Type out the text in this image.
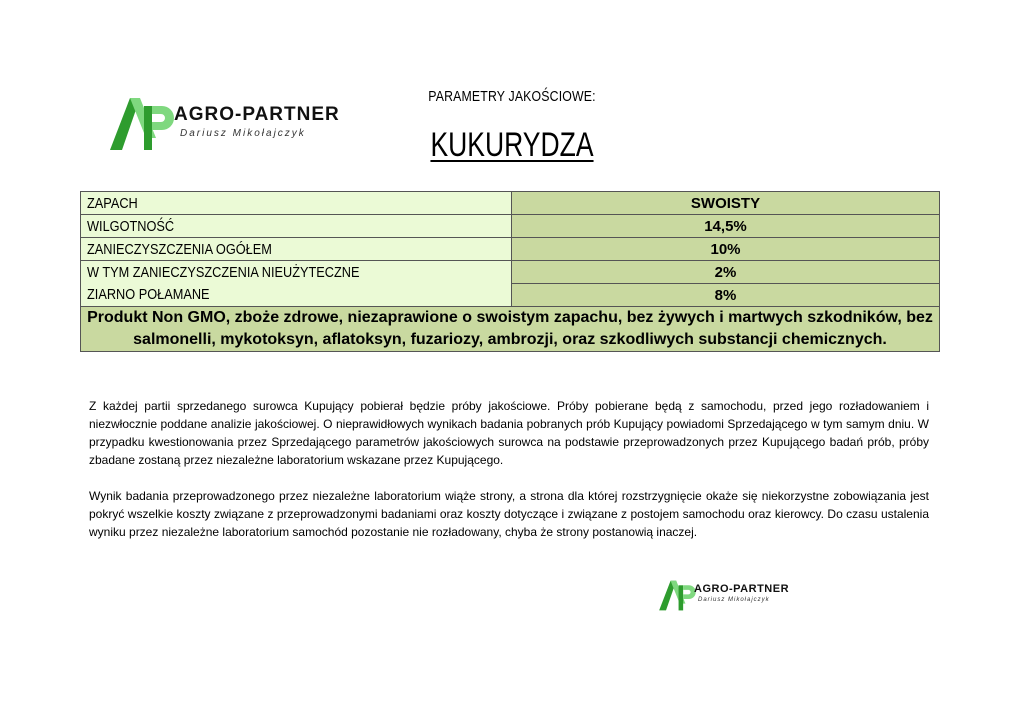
AGRO-PARTNER
Dariusz Mikołajczyk
PARAMETRY JAKOŚCIOWE:
KUKURYDZA
ZAPACH	SWOISTY
WILGOTNOŚĆ	14,5%
ZANIECZYSZCZENIA OGÓŁEM	10%
W TYM ZANIECZYSZCZENIA NIEUŻYTECZNE	2%
ZIARNO POŁAMANE	8%
Produkt Non GMO, zboże zdrowe, niezaprawione o swoistym zapachu, bez żywych i martwych szkodników, bez salmonelli, mykotoksyn, aflatoksyn, fuzariozy, ambrozji, oraz szkodliwych substancji chemicznych.	
Z każdej partii sprzedanego surowca Kupujący pobierał będzie próby jakościowe. Próby pobierane będą z samochodu, przed jego rozładowaniem i niezwłocznie poddane analizie jakościowej. O nieprawidłowych wynikach badania pobranych prób Kupujący powiadomi Sprzedającego w tym samym dniu. W przypadku kwestionowania przez Sprzedającego parametrów jakościowych surowca na podstawie przeprowadzonych przez Kupującego badań prób, próby zbadane zostaną przez niezależne laboratorium wskazane przez Kupującego.
Wynik badania przeprowadzonego przez niezależne laboratorium wiąże strony, a strona dla której rozstrzygnięcie okaże się niekorzystne zobowiązania jest pokryć wszelkie koszty związane z przeprowadzonymi badaniami oraz koszty dotyczące i związane z postojem samochodu oraz kierowcy. Do czasu ustalenia wyniku przez niezależne laboratorium samochód pozostanie nie rozładowany, chyba że strony postanowią inaczej.
AGRO-PARTNER
Dariusz Mikołajczyk
